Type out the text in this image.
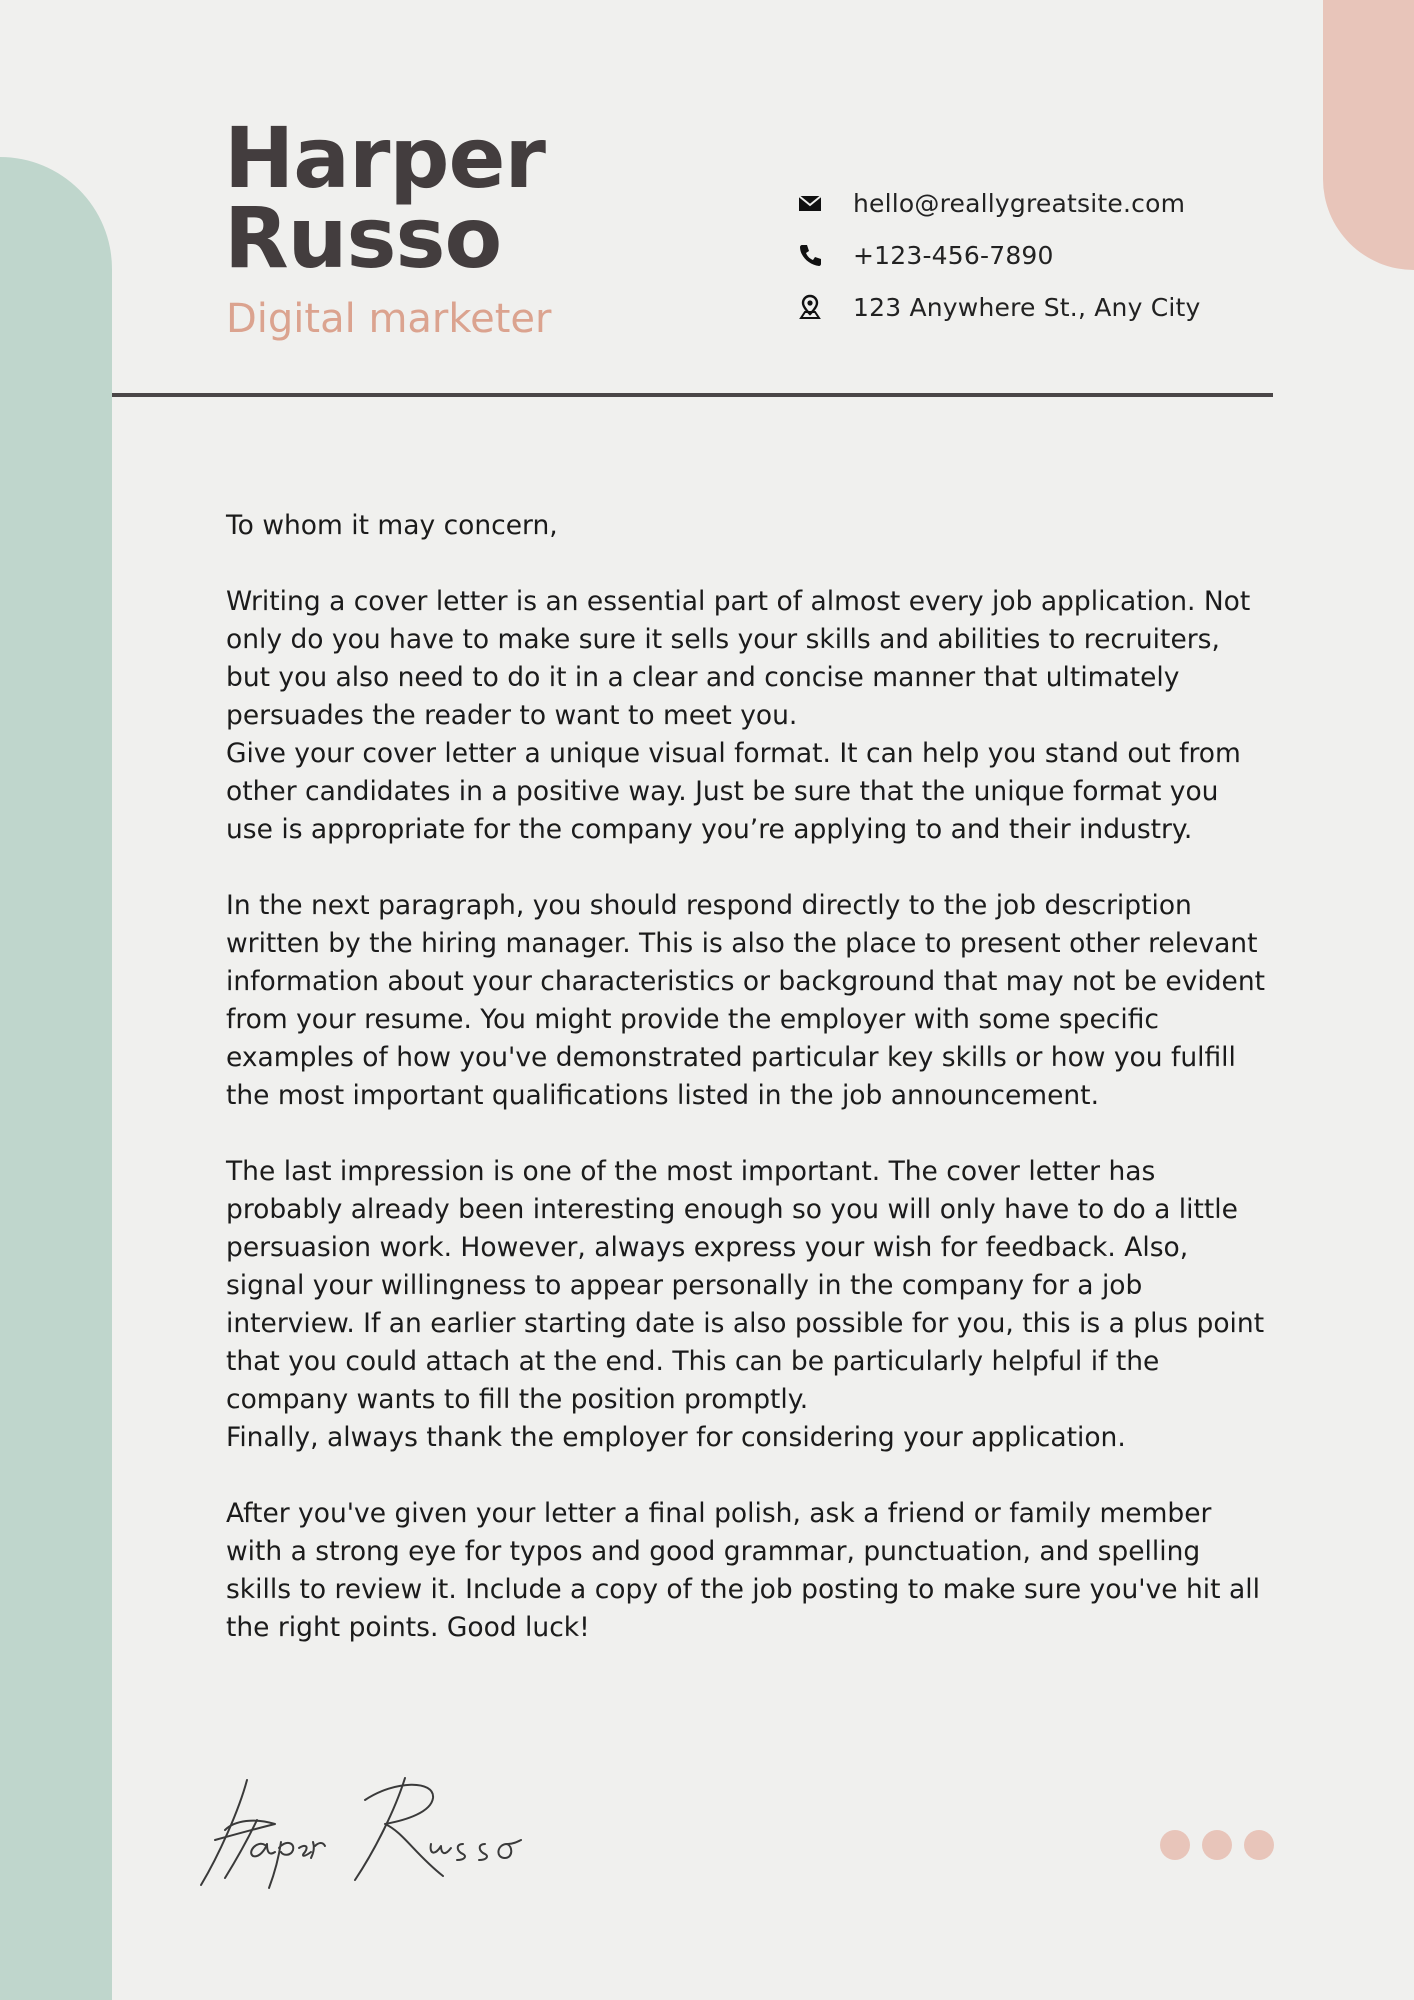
Harper
Russo

Digital marketer

hello@reallygreatsite.com
+123-456-7890
123 Anywhere St., Any City

To whom it may concern,

Writing a cover letter is an essential part of almost every job application. Not only do you have to make sure it sells your skills and abilities to recruiters, but you also need to do it in a clear and concise manner that ultimately persuades the reader to want to meet you.

Give your cover letter a unique visual format. It can help you stand out from other candidates in a positive way. Just be sure that the unique format you use is appropriate for the company you’re applying to and their industry.

In the next paragraph, you should respond directly to the job description written by the hiring manager. This is also the place to present other relevant information about your characteristics or background that may not be evident from your resume. You might provide the employer with some specific examples of how you've demonstrated particular key skills or how you fulfill the most important qualifications listed in the job announcement.

The last impression is one of the most important. The cover letter has probably already been interesting enough so you will only have to do a little persuasion work. However, always express your wish for feedback. Also, signal your willingness to appear personally in the company for a job interview. If an earlier starting date is also possible for you, this is a plus point that you could attach at the end. This can be particularly helpful if the company wants to fill the position promptly.

Finally, always thank the employer for considering your application.

After you've given your letter a final polish, ask a friend or family member with a strong eye for typos and good grammar, punctuation, and spelling skills to review it. Include a copy of the job posting to make sure you've hit all the right points. Good luck!
